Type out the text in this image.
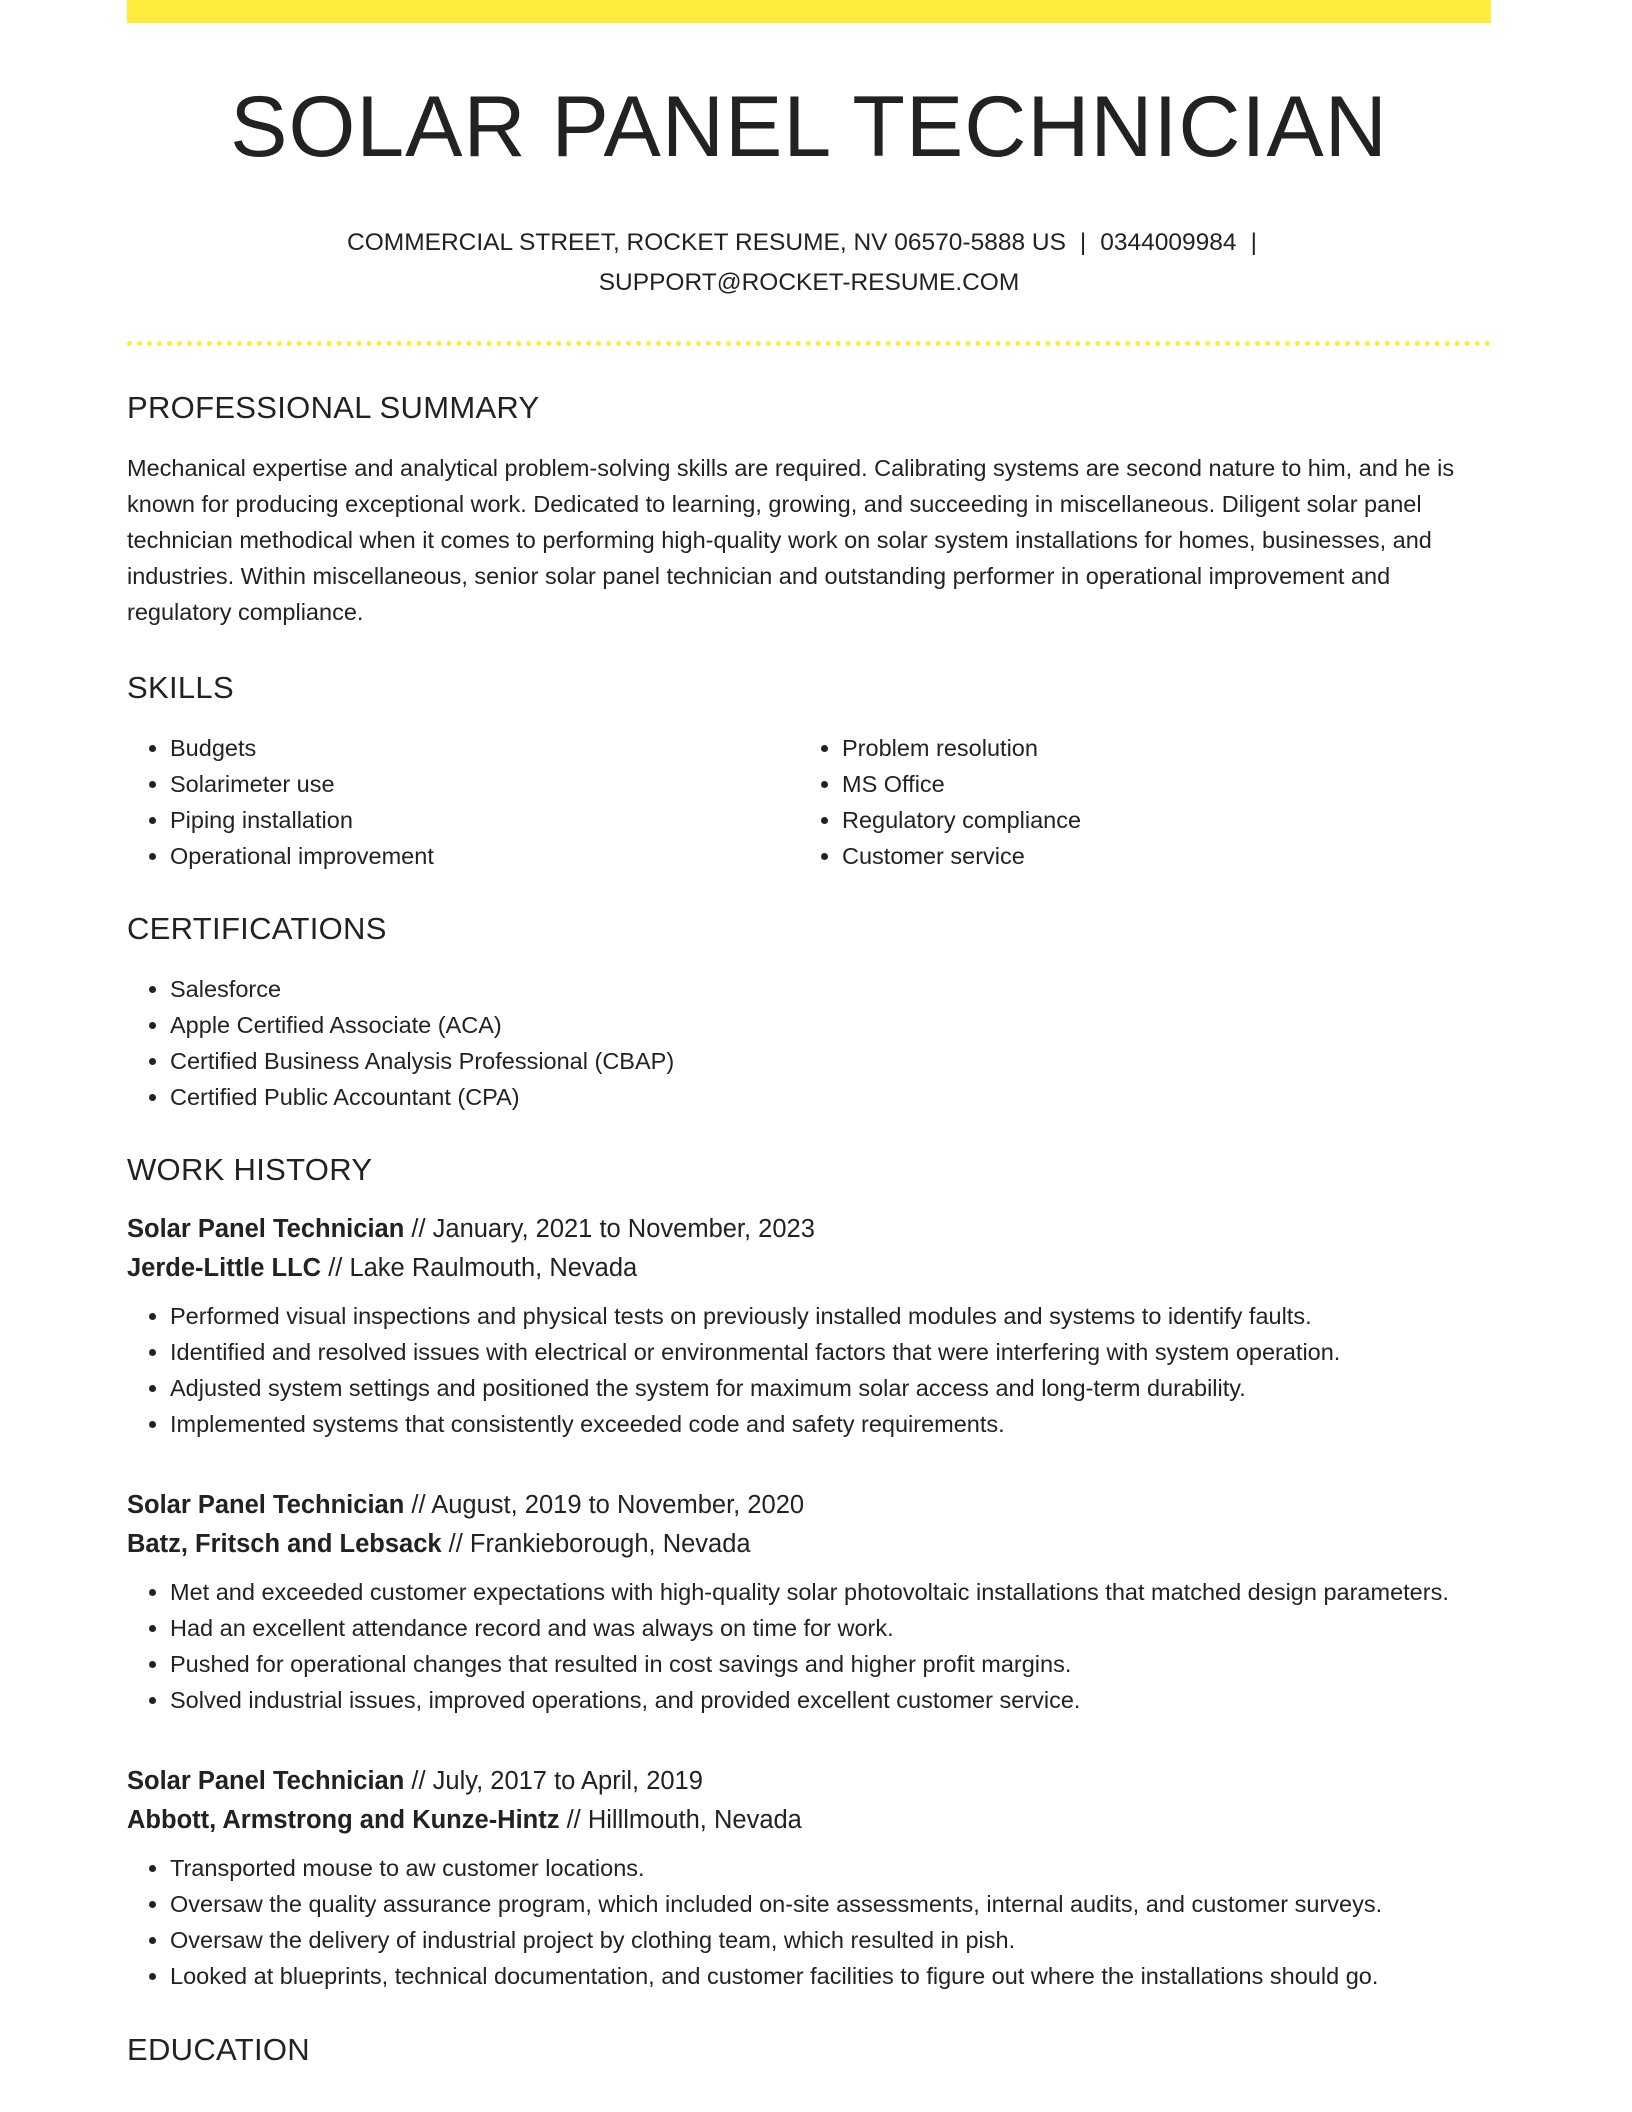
SOLAR PANEL TECHNICIAN
COMMERCIAL STREET, ROCKET RESUME, NV 06570-5888 US | 0344009984 |
SUPPORT@ROCKET-RESUME.COM
PROFESSIONAL SUMMARY

Mechanical expertise and analytical problem-solving skills are required. Calibrating systems are second nature to him, and he is known for producing exceptional work. Dedicated to learning, growing, and succeeding in miscellaneous. Diligent solar panel technician methodical when it comes to performing high-quality work on solar system installations for homes, businesses, and industries. Within miscellaneous, senior solar panel technician and outstanding performer in operational improvement and regulatory compliance.

SKILLS
• Budgets
• Solarimeter use
• Piping installation
• Operational improvement
• Problem resolution
• MS Office
• Regulatory compliance
• Customer service
CERTIFICATIONS
• Salesforce
• Apple Certified Associate (ACA)
• Certified Business Analysis Professional (CBAP)
• Certified Public Accountant (CPA)
WORK HISTORY
Solar Panel Technician // January, 2021 to November, 2023
Jerde-Little LLC // Lake Raulmouth, Nevada
• Performed visual inspections and physical tests on previously installed modules and systems to identify faults.
• Identified and resolved issues with electrical or environmental factors that were interfering with system operation.
• Adjusted system settings and positioned the system for maximum solar access and long-term durability.
• Implemented systems that consistently exceeded code and safety requirements.
Solar Panel Technician // August, 2019 to November, 2020
Batz, Fritsch and Lebsack // Frankieborough, Nevada
• Met and exceeded customer expectations with high-quality solar photovoltaic installations that matched design parameters.
• Had an excellent attendance record and was always on time for work.
• Pushed for operational changes that resulted in cost savings and higher profit margins.
• Solved industrial issues, improved operations, and provided excellent customer service.
Solar Panel Technician // July, 2017 to April, 2019
Abbott, Armstrong and Kunze-Hintz // Hilllmouth, Nevada
• Transported mouse to aw customer locations.
• Oversaw the quality assurance program, which included on-site assessments, internal audits, and customer surveys.
• Oversaw the delivery of industrial project by clothing team, which resulted in pish.
• Looked at blueprints, technical documentation, and customer facilities to figure out where the installations should go.
EDUCATION
